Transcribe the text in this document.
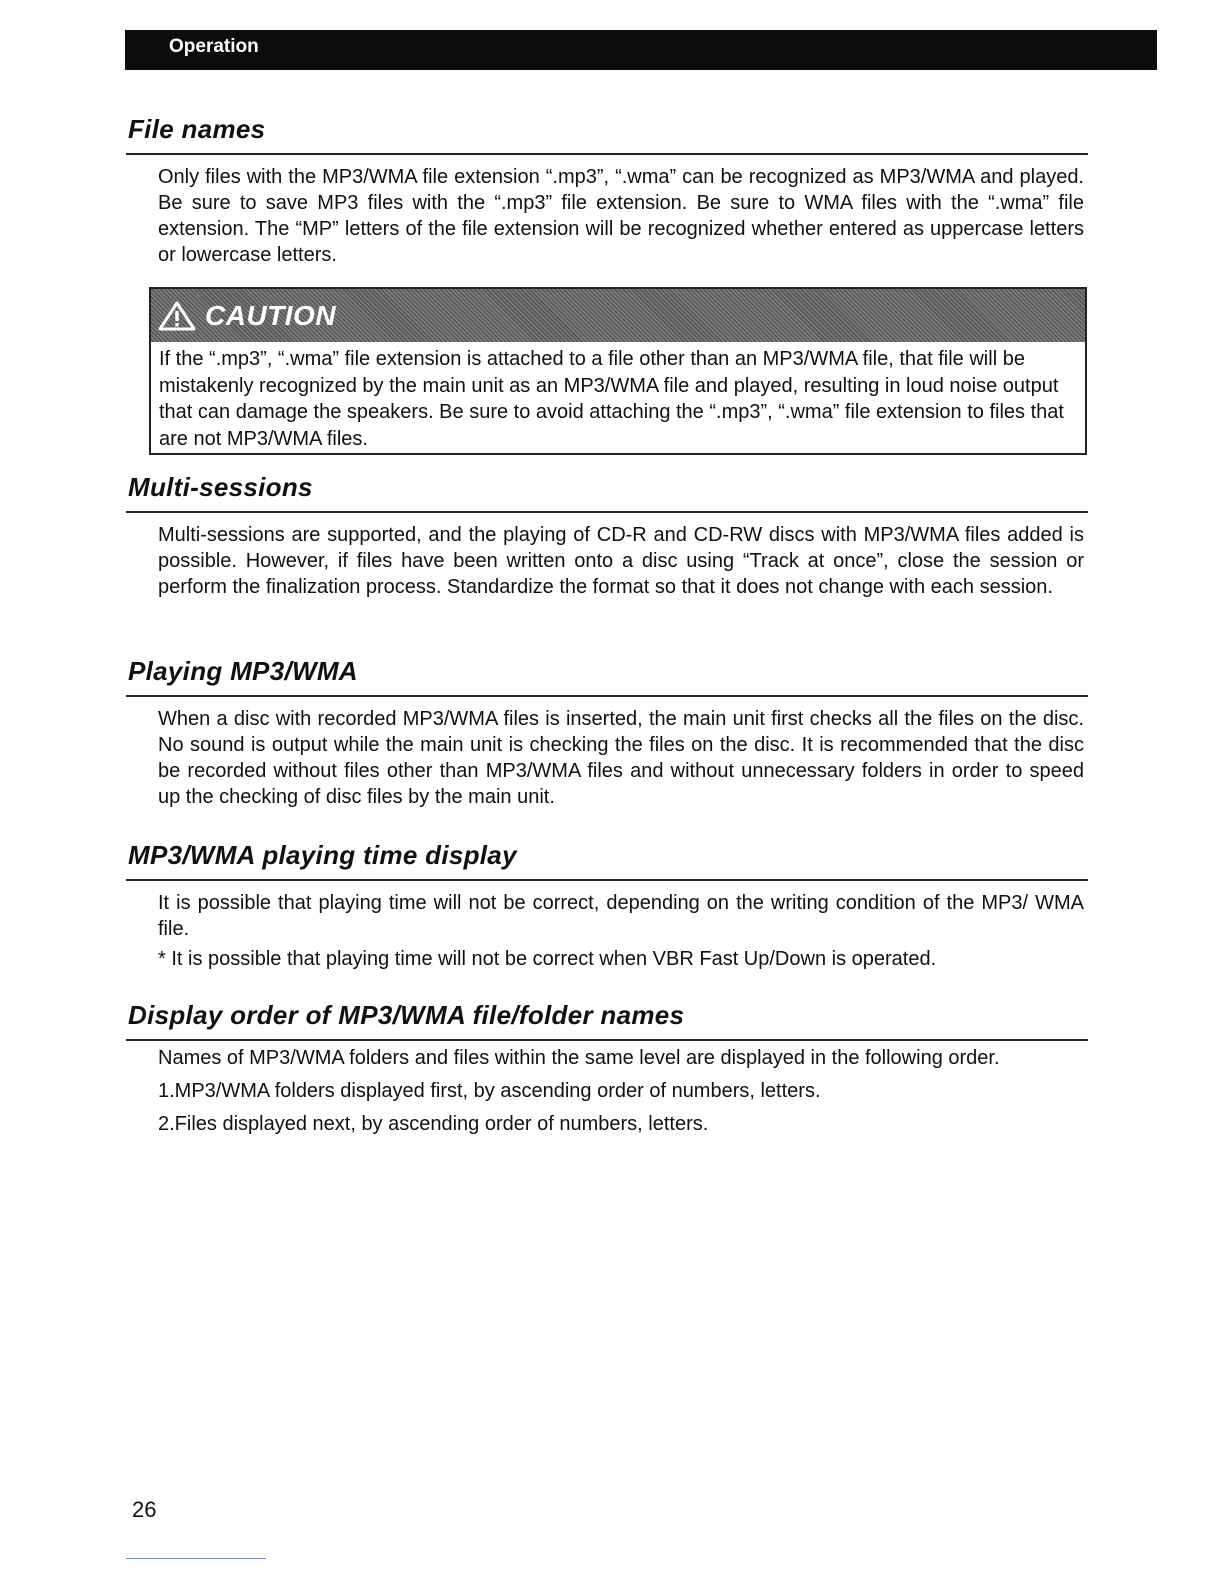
Operation
File names

Only files with the MP3/WMA file extension “.mp3”, “.wma” can be recognized as MP3/WMA and played. Be sure to save MP3 files with the “.mp3” file extension. Be sure to WMA files with the “.wma” file extension. The “MP” letters of the file extension will be recognized whether entered as uppercase letters or lowercase letters.

CAUTION

If the “.mp3”, “.wma” file extension is attached to a file other than an MP3/WMA file, that file will be mistakenly recognized by the main unit as an MP3/WMA file and played, resulting in loud noise output that can damage the speakers. Be sure to avoid attaching the “.mp3”, “.wma” file extension to files that are not MP3/WMA files.

Multi-sessions

Multi-sessions are supported, and the playing of CD-R and CD-RW discs with MP3/WMA files added is possible. However, if files have been written onto a disc using “Track at once”, close the session or perform the finalization process. Standardize the format so that it does not change with each session.

Playing MP3/WMA

When a disc with recorded MP3/WMA files is inserted, the main unit first checks all the files on the disc. No sound is output while the main unit is checking the files on the disc. It is recommended that the disc be recorded without files other than MP3/WMA files and without unnecessary folders in order to speed up the checking of disc files by the main unit.

MP3/WMA playing time display

It is possible that playing time will not be correct, depending on the writing condition of the MP3/ WMA file.

* It is possible that playing time will not be correct when VBR Fast Up/Down is operated.

Display order of MP3/WMA file/folder names

Names of MP3/WMA folders and files within the same level are displayed in the following order.

1.MP3/WMA folders displayed first, by ascending order of numbers, letters.

2.Files displayed next, by ascending order of numbers, letters.

26
